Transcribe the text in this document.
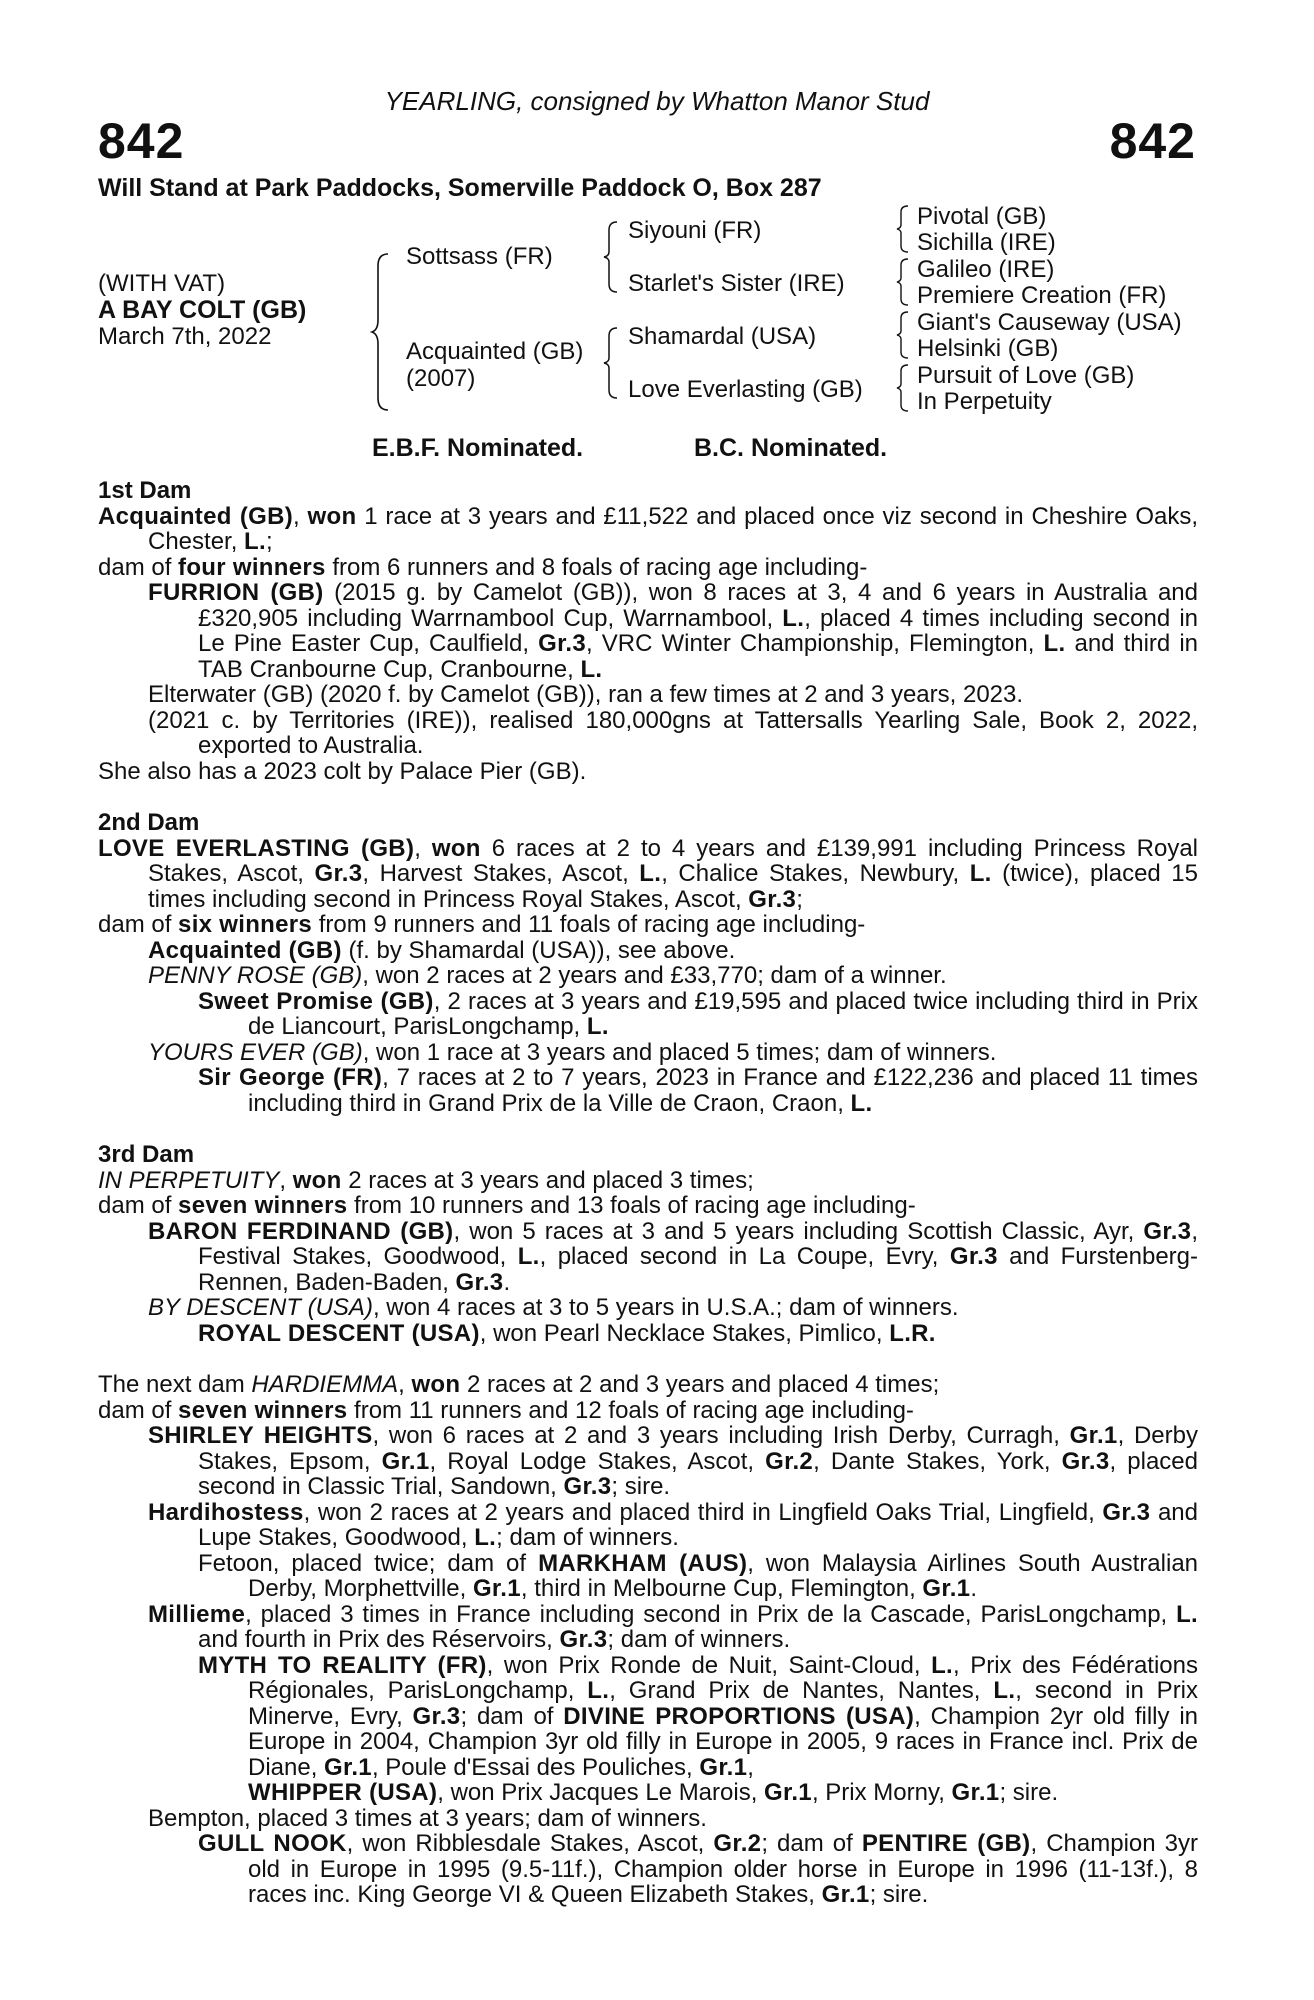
YEARLING, consigned by Whatton Manor Stud
842	842
Will Stand at Park Paddocks, Somerville Paddock O, Box 287
(WITH VAT)
A BAY COLT (GB)
March 7th, 2022
Sottsass (FR)
Acquainted (GB)
(2007)
Siyouni (FR)
Starlet's Sister (IRE)
Shamardal (USA)
Love Everlasting (GB)
Pivotal (GB)
Sichilla (IRE)
Galileo (IRE)
Premiere Creation (FR)
Giant's Causeway (USA)
Helsinki (GB)
Pursuit of Love (GB)
In Perpetuity
E.B.F. Nominated.	B.C. Nominated.

1st Dam

Acquainted (GB), won 1 race at 3 years and £11,522 and placed once viz second in Cheshire Oaks, Chester, L.;

dam of four winners from 6 runners and 8 foals of racing age including-

FURRION (GB) (2015 g. by Camelot (GB)), won 8 races at 3, 4 and 6 years in Australia and £320,905 including Warrnambool Cup, Warrnambool, L., placed 4 times including second in Le Pine Easter Cup, Caulfield, Gr.3, VRC Winter Championship, Flemington, L. and third in TAB Cranbourne Cup, Cranbourne, L.

Elterwater (GB) (2020 f. by Camelot (GB)), ran a few times at 2 and 3 years, 2023.

(2021 c. by Territories (IRE)), realised 180,000gns at Tattersalls Yearling Sale, Book 2, 2022, exported to Australia.

She also has a 2023 colt by Palace Pier (GB).

2nd Dam

LOVE EVERLASTING (GB), won 6 races at 2 to 4 years and £139,991 including Princess Royal Stakes, Ascot, Gr.3, Harvest Stakes, Ascot, L., Chalice Stakes, Newbury, L. (twice), placed 15 times including second in Princess Royal Stakes, Ascot, Gr.3;

dam of six winners from 9 runners and 11 foals of racing age including-

Acquainted (GB) (f. by Shamardal (USA)), see above.

PENNY ROSE (GB), won 2 races at 2 years and £33,770; dam of a winner.

Sweet Promise (GB), 2 races at 3 years and £19,595 and placed twice including third in Prix de Liancourt, ParisLongchamp, L.

YOURS EVER (GB), won 1 race at 3 years and placed 5 times; dam of winners.

Sir George (FR), 7 races at 2 to 7 years, 2023 in France and £122,236 and placed 11 times including third in Grand Prix de la Ville de Craon, Craon, L.

3rd Dam

IN PERPETUITY, won 2 races at 3 years and placed 3 times;

dam of seven winners from 10 runners and 13 foals of racing age including-

BARON FERDINAND (GB), won 5 races at 3 and 5 years including Scottish Classic, Ayr, Gr.3, Festival Stakes, Goodwood, L., placed second in La Coupe, Evry, Gr.3 and Furstenberg-Rennen, Baden-Baden, Gr.3.

BY DESCENT (USA), won 4 races at 3 to 5 years in U.S.A.; dam of winners.

ROYAL DESCENT (USA), won Pearl Necklace Stakes, Pimlico, L.R.

The next dam HARDIEMMA, won 2 races at 2 and 3 years and placed 4 times;

dam of seven winners from 11 runners and 12 foals of racing age including-

SHIRLEY HEIGHTS, won 6 races at 2 and 3 years including Irish Derby, Curragh, Gr.1, Derby Stakes, Epsom, Gr.1, Royal Lodge Stakes, Ascot, Gr.2, Dante Stakes, York, Gr.3, placed second in Classic Trial, Sandown, Gr.3; sire.

Hardihostess, won 2 races at 2 years and placed third in Lingfield Oaks Trial, Lingfield, Gr.3 and Lupe Stakes, Goodwood, L.; dam of winners.

Fetoon, placed twice; dam of MARKHAM (AUS), won Malaysia Airlines South Australian Derby, Morphettville, Gr.1, third in Melbourne Cup, Flemington, Gr.1.

Millieme, placed 3 times in France including second in Prix de la Cascade, ParisLongchamp, L. and fourth in Prix des Réservoirs, Gr.3; dam of winners.

MYTH TO REALITY (FR), won Prix Ronde de Nuit, Saint-Cloud, L., Prix des Fédérations Régionales, ParisLongchamp, L., Grand Prix de Nantes, Nantes, L., second in Prix Minerve, Evry, Gr.3; dam of DIVINE PROPORTIONS (USA), Champion 2yr old filly in Europe in 2004, Champion 3yr old filly in Europe in 2005, 9 races in France incl. Prix de Diane, Gr.1, Poule d'Essai des Pouliches, Gr.1,
WHIPPER (USA), won Prix Jacques Le Marois, Gr.1, Prix Morny, Gr.1; sire.

Bempton, placed 3 times at 3 years; dam of winners.

GULL NOOK, won Ribblesdale Stakes, Ascot, Gr.2; dam of PENTIRE (GB), Champion 3yr old in Europe in 1995 (9.5-11f.), Champion older horse in Europe in 1996 (11-13f.), 8 races inc. King George VI & Queen Elizabeth Stakes, Gr.1; sire.
